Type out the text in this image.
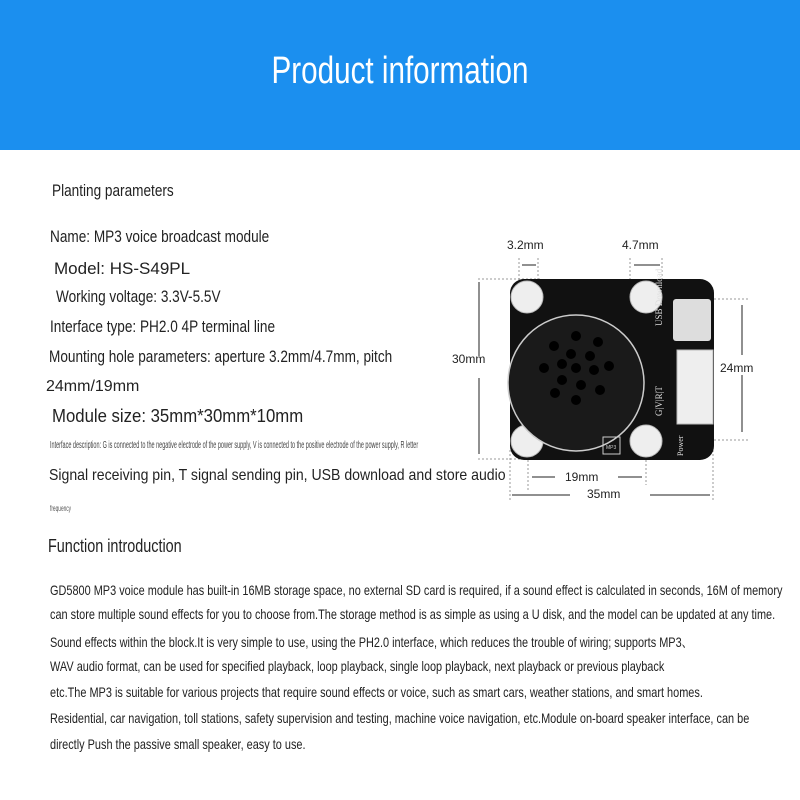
Product information
Planting parameters
Name: MP3 voice broadcast module
Model: HS-S49PL
Working voltage: 3.3V-5.5V
Interface type: PH2.0 4P terminal line
Mounting hole parameters: aperture 3.2mm/4.7mm, pitch
24mm/19mm
Module size: 35mm*30mm*10mm
Interface description: G is connected to the negative electrode of the power supply, V is connected to the positive electrode of the power supply, R letter
Signal receiving pin, T signal sending pin, USB download and store audio
frequency
Function introduction
GD5800 MP3 voice module has built-in 16MB storage space, no external SD card is required, if a sound effect is calculated in seconds, 16M of memory
can store multiple sound effects for you to choose from.The storage method is as simple as using a U disk, and the model can be updated at any time.
Sound effects within the block.It is very simple to use, using the PH2.0 interface, which reduces the trouble of wiring; supports MP3、
WAV audio format, can be used for specified playback, loop playback, single loop playback, next playback or previous playback
etc.The MP3 is suitable for various projects that require sound effects or voice, such as smart cars, weather stations, and smart homes.
Residential, car navigation, toll stations, safety supervision and testing, machine voice navigation, etc.Module on-board speaker interface, can be
directly Push the passive small speaker, easy to use.
USB Download
G|V|R|T
Power
MP3
3.2mm	4.7mm
30mm
24mm
19mm
35mm
